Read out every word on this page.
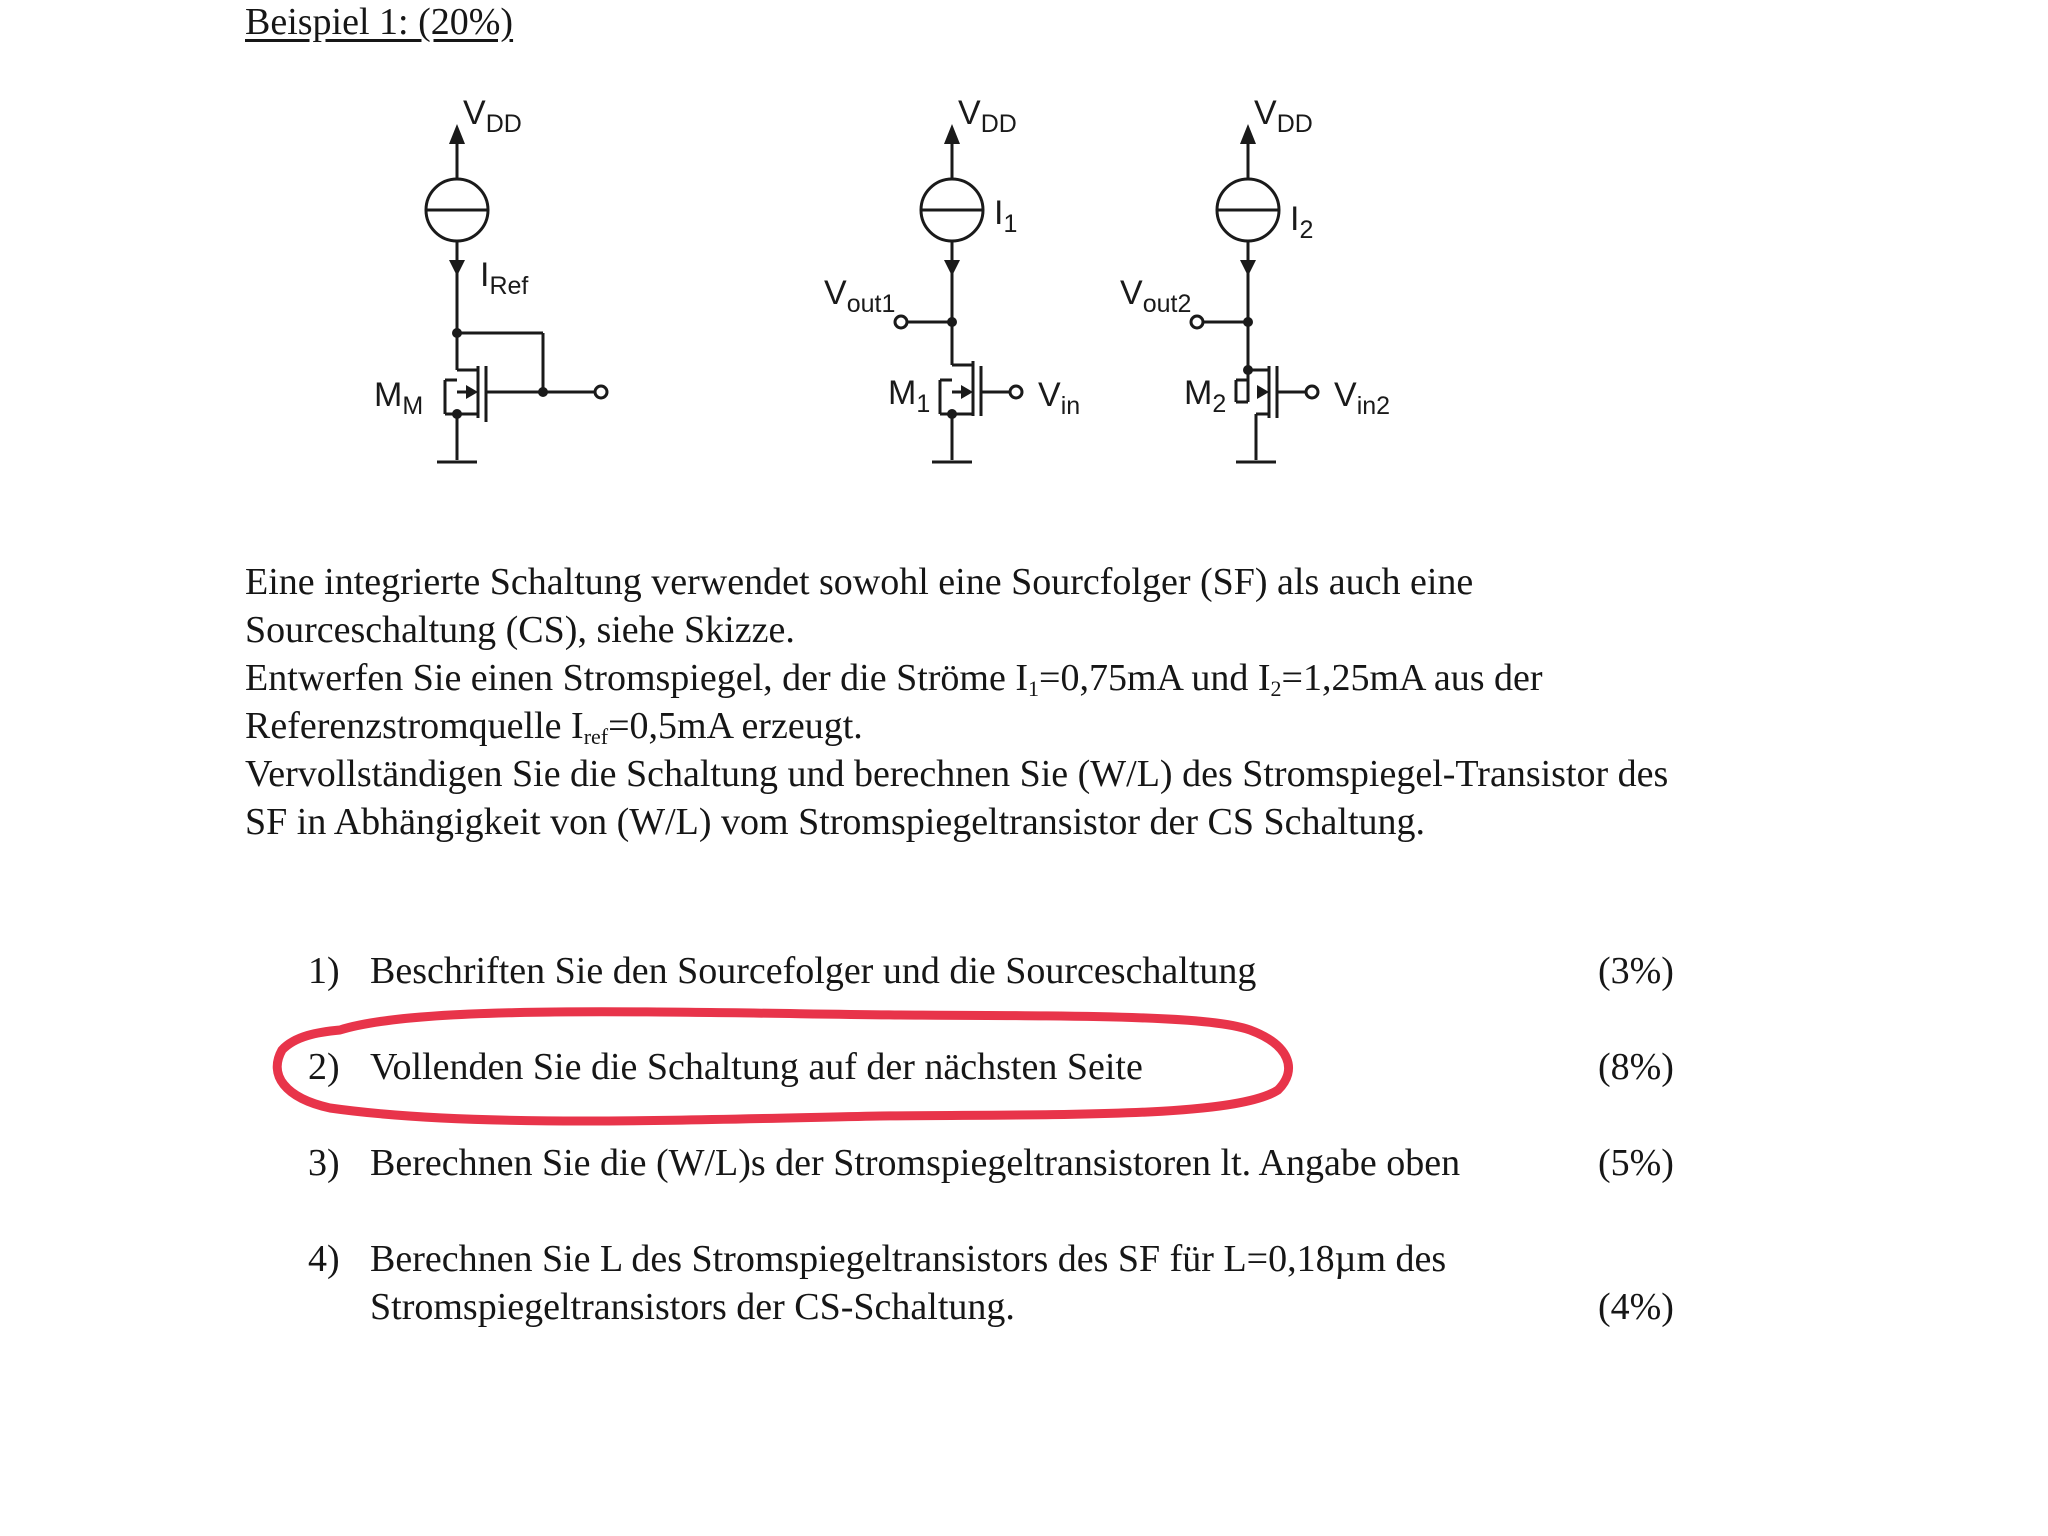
Beispiel 1: (20%)
$V_{DD}$
$I_{Ref}$
$M_M$
$V_{DD}$
$I_1$
$V_{out1}$
$M_1$	$V_{in}$
$V_{DD}$
$I_2$
$V_{out2}$
$M_2$	$V_{in2}$
Eine integrierte Schaltung verwendet sowohl eine Sourcfolger (SF) als auch eine
Sourceschaltung (CS), siehe Skizze.
Entwerfen Sie einen Stromspiegel, der die Ströme $I_1=0,75mA$ und $I_2=1,25mA$ aus der
Referenzstromquelle $I_{ref}=0,5mA$ erzeugt.
Vervollständigen Sie die Schaltung und berechnen Sie (W/L) des Stromspiegel-Transistor des
SF in Abhängigkeit von (W/L) vom Stromspiegeltransistor der CS Schaltung.
1) Beschriften Sie den Sourcefolger und die Sourceschaltung	(3%)
2) Vollenden Sie die Schaltung auf der nächsten Seite	(8%)
3) Berechnen Sie die (W/L)s der Stromspiegeltransistoren lt. Angabe oben	(5%)
4) Berechnen Sie L des Stromspiegeltransistors des SF für L=0,18µm des
Stromspiegeltransistors der CS-Schaltung.	(4%)
